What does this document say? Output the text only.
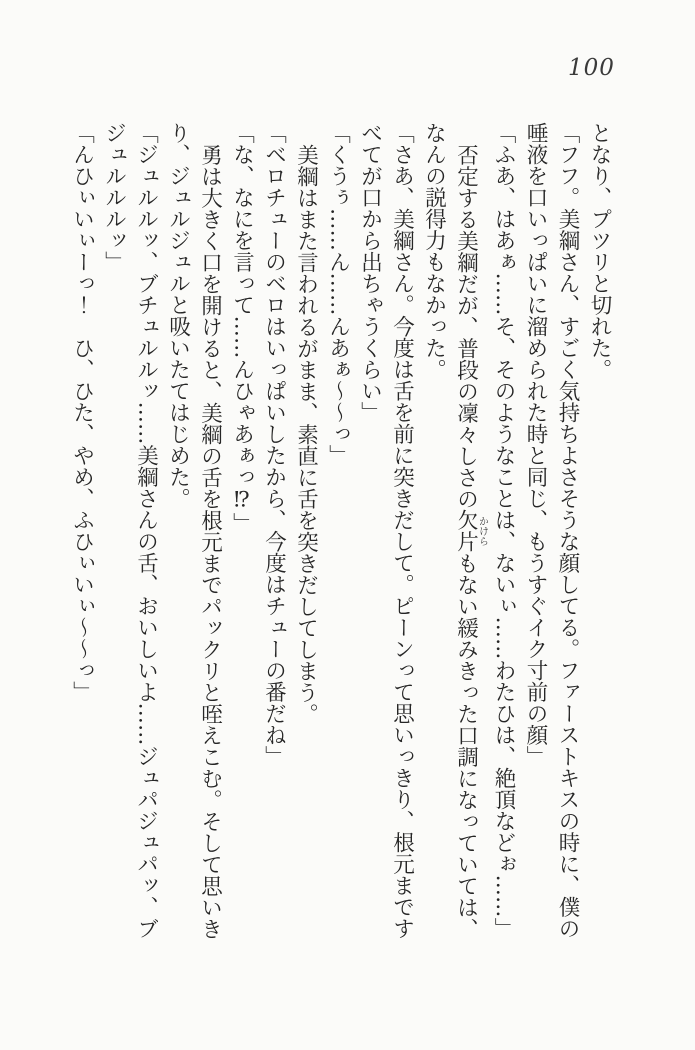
100

となり、プツリと切れた。

「フフ。美綱さん、すごく気持ちよさそうな顔してる。ファーストキスの時に、僕の

唾液を口いっぱいに溜められた時と同じ、もうすぐイク寸前の顔」

「ふあ、はあぁ……そ、そのようなことは、ないぃ……わたひは、絶頂などぉ……」

否定する美綱だが、普段の凜々しさの欠片かけらもない緩みきった口調になっていては、

なんの説得力もなかった。

「さあ、美綱さん。今度は舌を前に突きだして。ピーンって思いっきり、根元まです

べてが口から出ちゃうくらい」

「くうぅ……ん……んあぁ～～っ」

美綱はまた言われるがまま、素直に舌を突きだしてしまう。

「ベロチューのベロはいっぱいしたから、今度はチューの番だね」

「な、なにを言って……んひゃあぁっ⁉」

勇は大きく口を開けると、美綱の舌を根元までパックリと咥えこむ。そして思いき

り、ジュルジュルと吸いたてはじめた。

「ジュルルッ、ブチュルルッ……美綱さんの舌、おいしいよ……ジュパジュパッ、ブ

ジュルルルッ」

「んひぃいぃーっ！　ひ、ひた、やめ、ふひぃいぃ～～っ」
